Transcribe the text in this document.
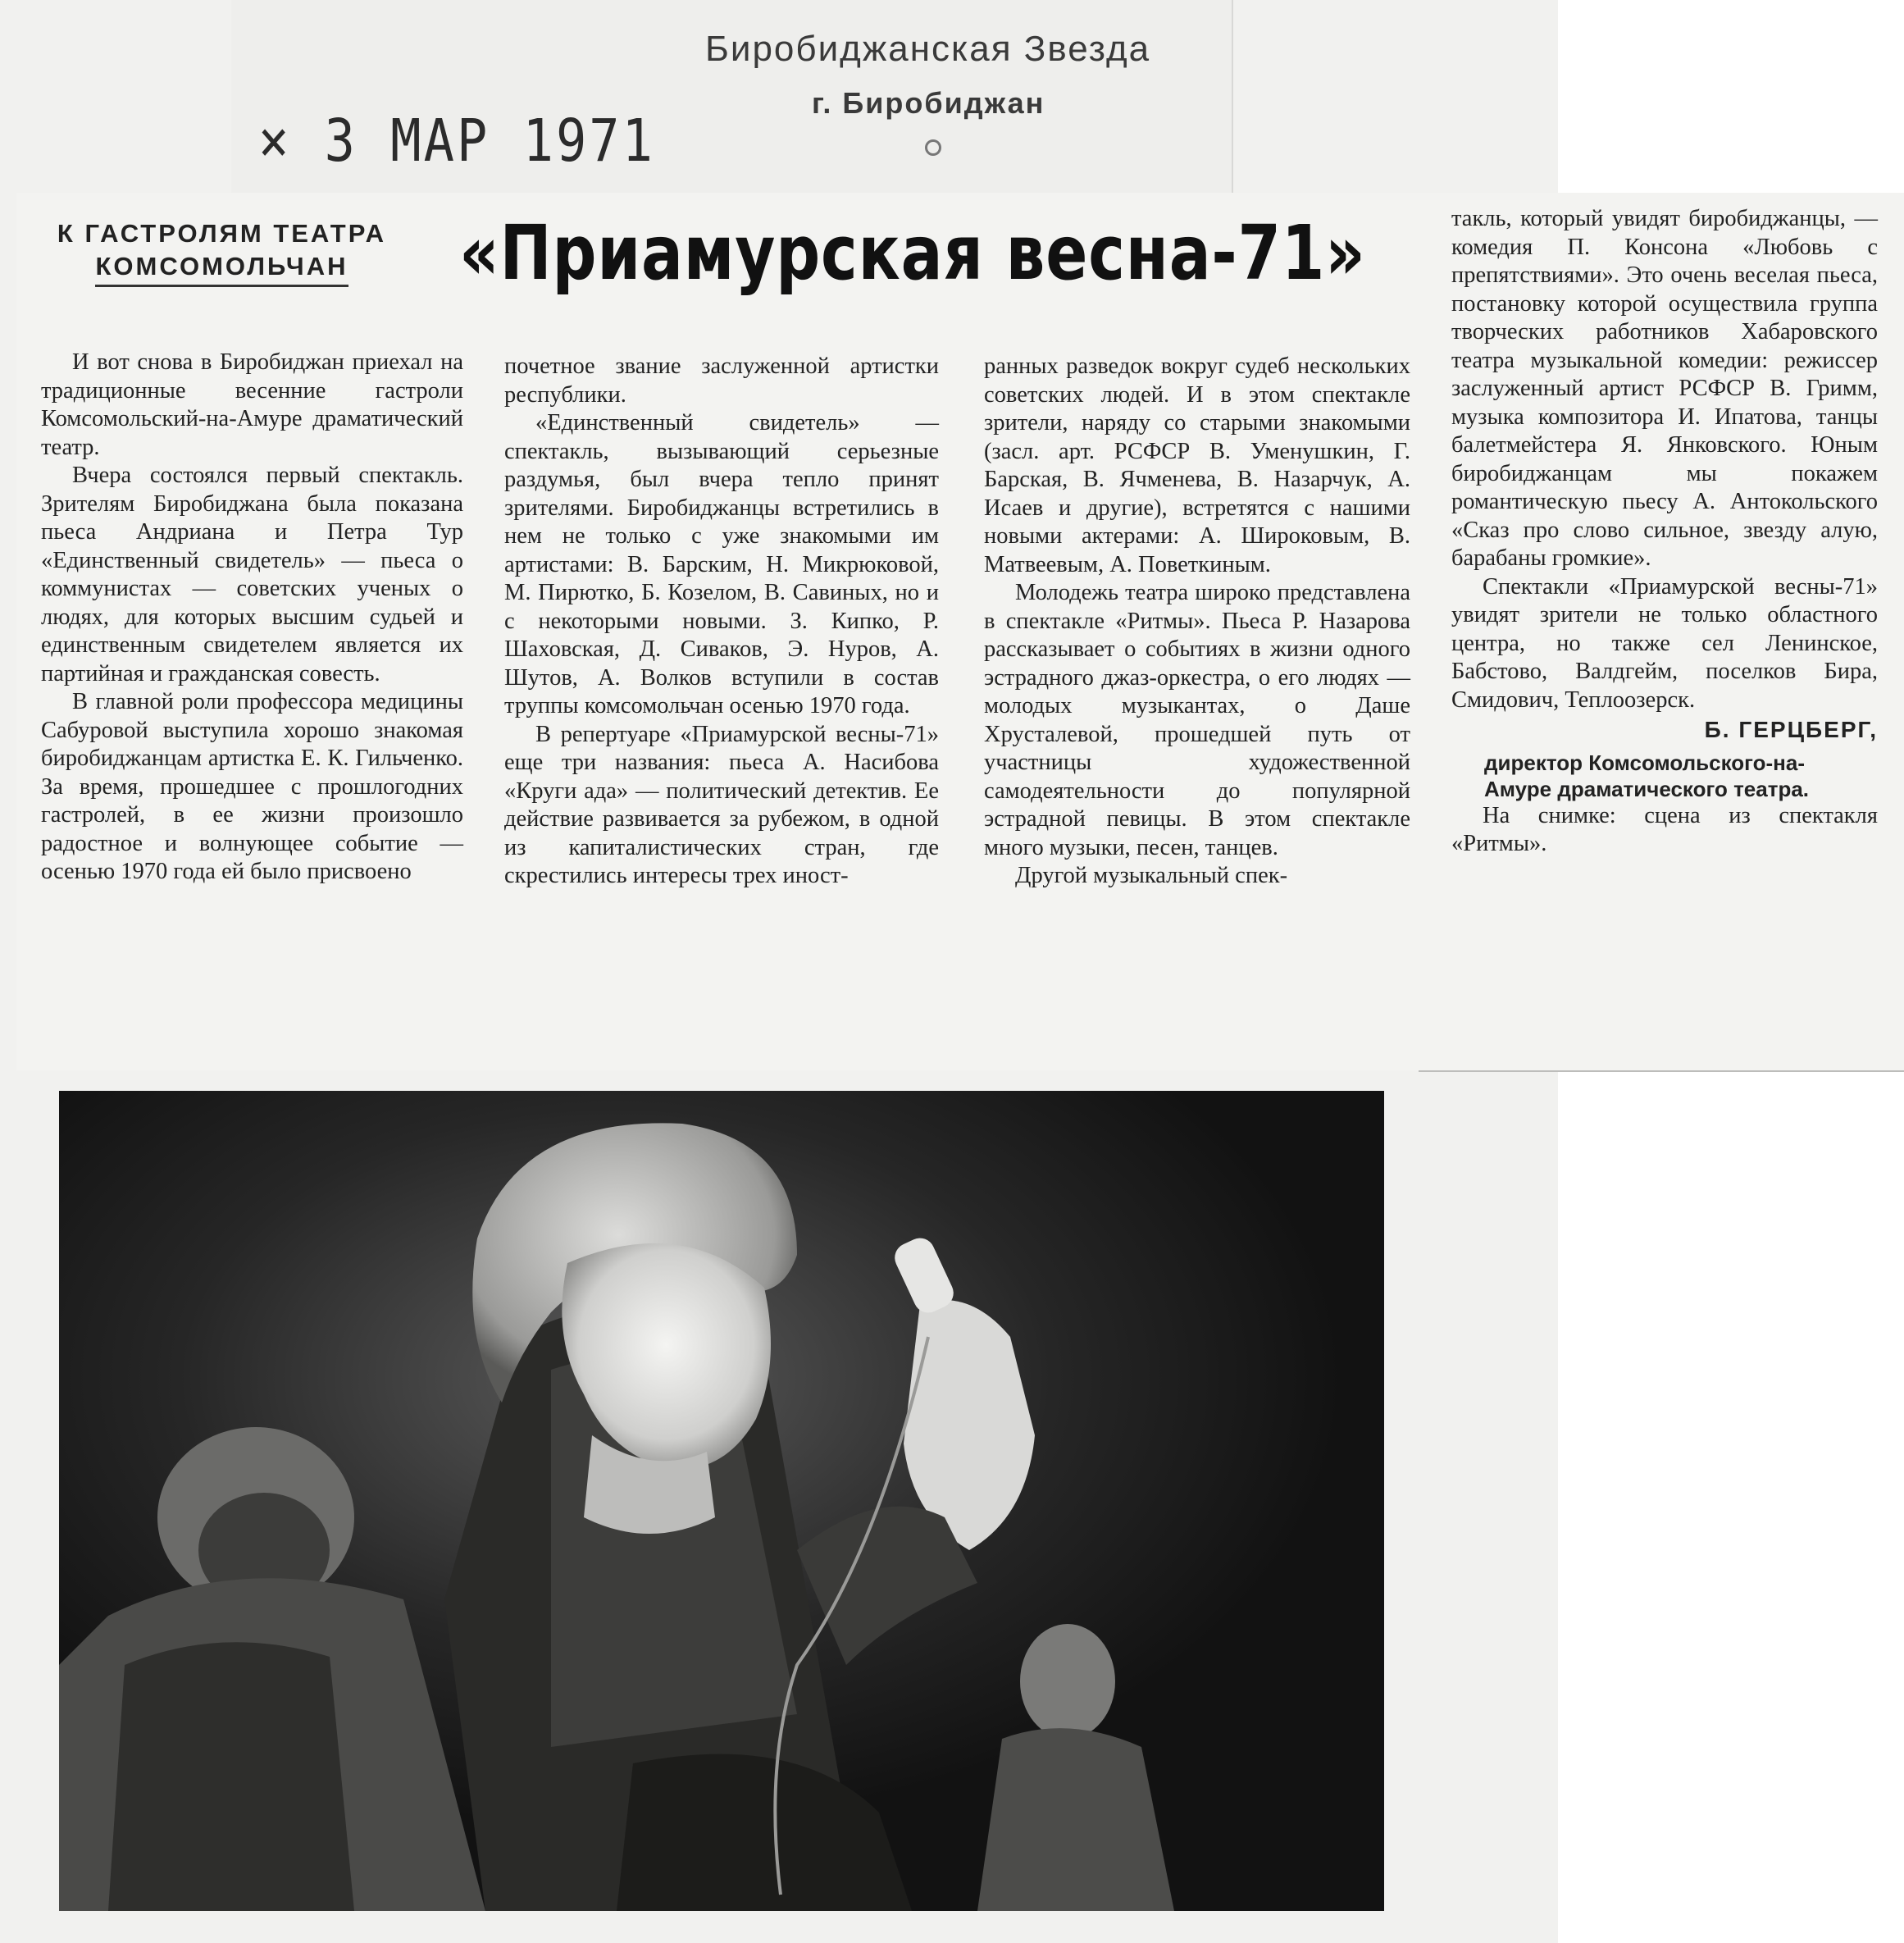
Биробиджанская Звезда
г. Биробиджан
× 3 МАР 1971
К ГАСТРОЛЯМ ТЕАТРА
КОМСОМОЛЬЧАН	«Приамурская весна-71»

И вот снова в Биробиджан приехал на традиционные весенние гастроли Комсомольский-на-Амуре драматический театр.

Вчера состоялся первый спектакль. Зрителям Биробиджана была показана пьеса Андриана и Петра Тур «Единственный свидетель» — пьеса о коммунистах — советских ученых о людях, для которых высшим судьей и единственным свидетелем является их партийная и гражданская совесть.

В главной роли профессора медицины Сабуровой выступила хорошо знакомая биробиджанцам артистка Е. К. Гильченко. За время, прошедшее с прошлогодних гастролей, в ее жизни произошло радостное и волнующее событие — осенью 1970 года ей было присвоено

почетное звание заслуженной артистки республики.

«Единственный свидетель» — спектакль, вызывающий серьезные раздумья, был вчера тепло принят зрителями. Биробиджанцы встретились в нем не только с уже знакомыми им артистами: В. Барским, Н. Микрюковой, М. Пирютко, Б. Козелом, В. Савиных, но и с некоторыми новыми. З. Кипко, Р. Шаховская, Д. Сиваков, Э. Нуров, А. Шутов, А. Волков вступили в состав труппы комсомольчан осенью 1970 года.

В репертуаре «Приамурской весны-71» еще три названия: пьеса А. Насибова «Круги ада» — политический детектив. Ее действие развивается за рубежом, в одной из капиталистических стран, где скрестились интересы трех иност-

ранных разведок вокруг судеб нескольких советских людей. И в этом спектакле зрители, наряду со старыми знакомыми (засл. арт. РСФСР В. Уменушкин, Г. Барская, В. Ячменева, В. Назарчук, А. Исаев и другие), встретятся с нашими новыми актерами: А. Широковым, В. Матвеевым, А. Поветкиным.

Молодежь театра широко представлена в спектакле «Ритмы». Пьеса Р. Назарова рассказывает о событиях в жизни одного эстрадного джаз-оркестра, о его людях — молодых музыкантах, о Даше Хрусталевой, прошедшей путь от участницы художественной самодеятельности до популярной эстрадной певицы. В этом спектакле много музыки, песен, танцев.

Другой музыкальный спек-

такль, который увидят биробиджанцы, — комедия П. Консона «Любовь с препятствиями». Это очень веселая пьеса, постановку которой осуществила группа творческих работников Хабаровского театра музыкальной комедии: режиссер заслуженный артист РСФСР В. Гримм, музыка композитора И. Ипатова, танцы балетмейстера Я. Янковского. Юным биробиджанцам мы покажем романтическую пьесу А. Антокольского «Сказ про слово сильное, звезду алую, барабаны громкие».

Спектакли «Приамурской весны-71» увидят зрители не только областного центра, но также сел Ленинское, Бабстово, Валдгейм, поселков Бира, Смидович, Теплоозерск.

Б. ГЕРЦБЕРГ,
директор Комсомольского-на-Амуре драматического театра.

На снимке: сцена из спектакля «Ритмы».
